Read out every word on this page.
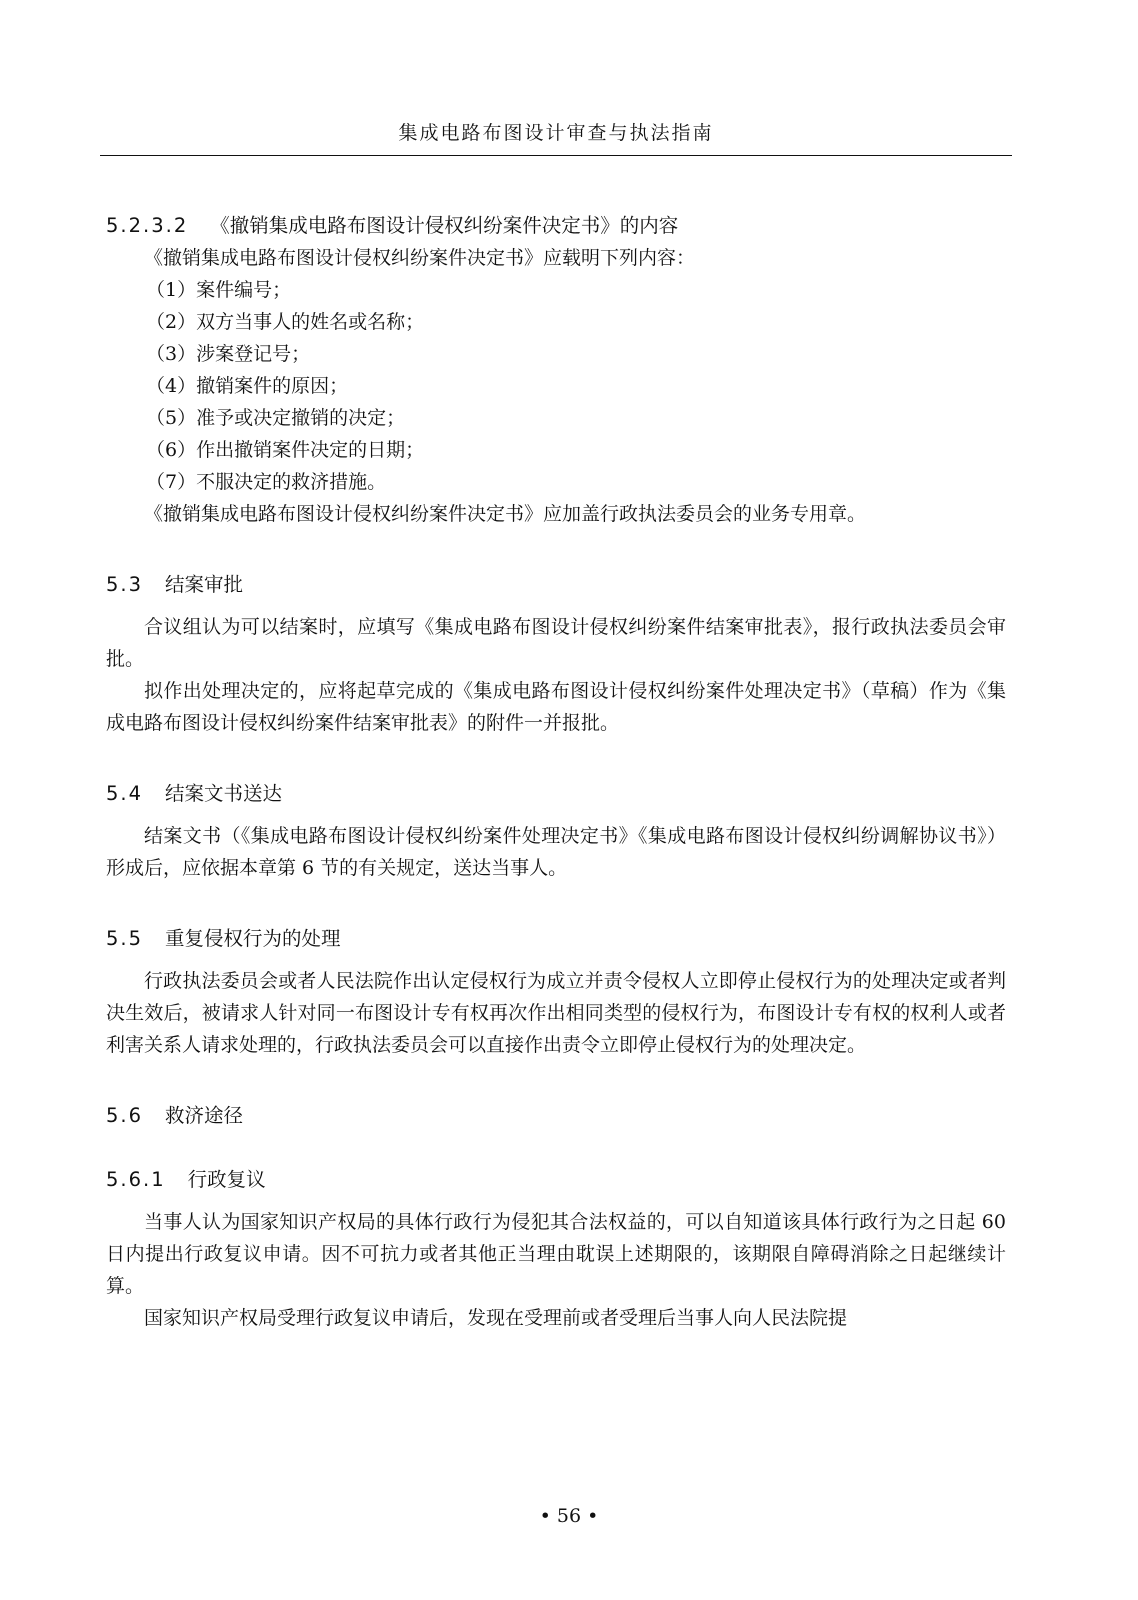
集成电路布图设计审查与执法指南
5.2.3.2 《撤销集成电路布图设计侵权纠纷案件决定书》的内容
《撤销集成电路布图设计侵权纠纷案件决定书》应载明下列内容：
（1）案件编号；
（2）双方当事人的姓名或名称；
（3）涉案登记号；
（4）撤销案件的原因；
（5）准予或决定撤销的决定；
（6）作出撤销案件决定的日期；
（7）不服决定的救济措施。
《撤销集成电路布图设计侵权纠纷案件决定书》应加盖行政执法委员会的业务专用章。
5.3 结案审批
合议组认为可以结案时，应填写《集成电路布图设计侵权纠纷案件结案审批表》，报行政执法委员会审批。
拟作出处理决定的，应将起草完成的《集成电路布图设计侵权纠纷案件处理决定书》（草稿）作为《集成电路布图设计侵权纠纷案件结案审批表》的附件一并报批。
5.4 结案文书送达
结案文书（《集成电路布图设计侵权纠纷案件处理决定书》《集成电路布图设计侵权纠纷调解协议书》）形成后，应依据本章第 6 节的有关规定，送达当事人。
5.5 重复侵权行为的处理
行政执法委员会或者人民法院作出认定侵权行为成立并责令侵权人立即停止侵权行为的处理决定或者判决生效后，被请求人针对同一布图设计专有权再次作出相同类型的侵权行为，布图设计专有权的权利人或者利害关系人请求处理的，行政执法委员会可以直接作出责令立即停止侵权行为的处理决定。
5.6 救济途径
5.6.1 行政复议
当事人认为国家知识产权局的具体行政行为侵犯其合法权益的，可以自知道该具体行政行为之日起 60 日内提出行政复议申请。因不可抗力或者其他正当理由耽误上述期限的，该期限自障碍消除之日起继续计算。
国家知识产权局受理行政复议申请后，发现在受理前或者受理后当事人向人民法院提
• 56 •
